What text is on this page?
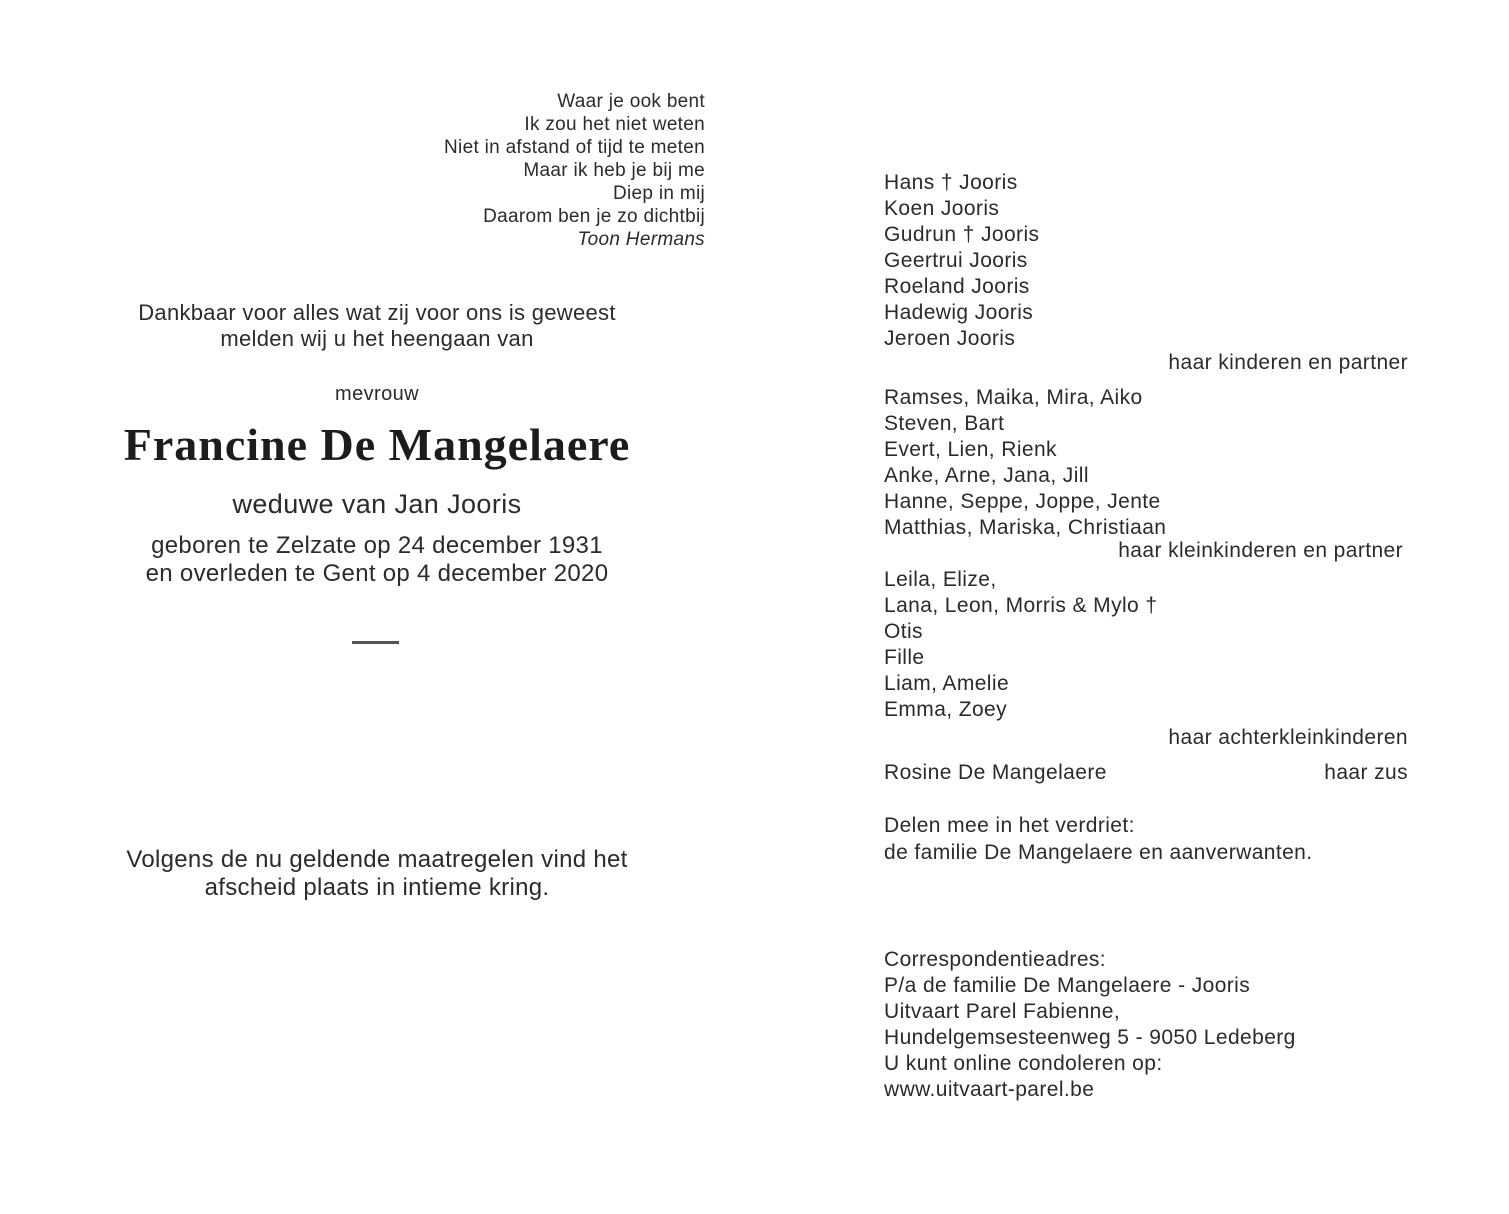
Waar je ook bent
Ik zou het niet weten
Niet in afstand of tijd te meten
Maar ik heb je bij me
Diep in mij
Daarom ben je zo dichtbij
Toon Hermans
Dankbaar voor alles wat zij voor ons is geweest
melden wij u het heengaan van
mevrouw
Francine De Mangelaere
weduwe van Jan Jooris
geboren te Zelzate op 24 december 1931
en overleden te Gent op 4 december 2020
Volgens de nu geldende maatregelen vind het
afscheid plaats in intieme kring.
Hans † Jooris
Koen Jooris
Gudrun † Jooris
Geertrui Jooris
Roeland Jooris
Hadewig Jooris
Jeroen Jooris
haar kinderen en partner
Ramses, Maika, Mira, Aiko
Steven, Bart
Evert, Lien, Rienk
Anke, Arne, Jana, Jill
Hanne, Seppe, Joppe, Jente
Matthias, Mariska, Christiaan
haar kleinkinderen en partner
Leila, Elize,
Lana, Leon, Morris & Mylo †
Otis
Fille
Liam, Amelie
Emma, Zoey
haar achterkleinkinderen
Rosine De Mangelaere	haar zus
Delen mee in het verdriet:
de familie De Mangelaere en aanverwanten.
Correspondentieadres:
P/a de familie De Mangelaere - Jooris
Uitvaart Parel Fabienne,
Hundelgemsesteenweg 5 - 9050 Ledeberg
U kunt online condoleren op:
www.uitvaart-parel.be
